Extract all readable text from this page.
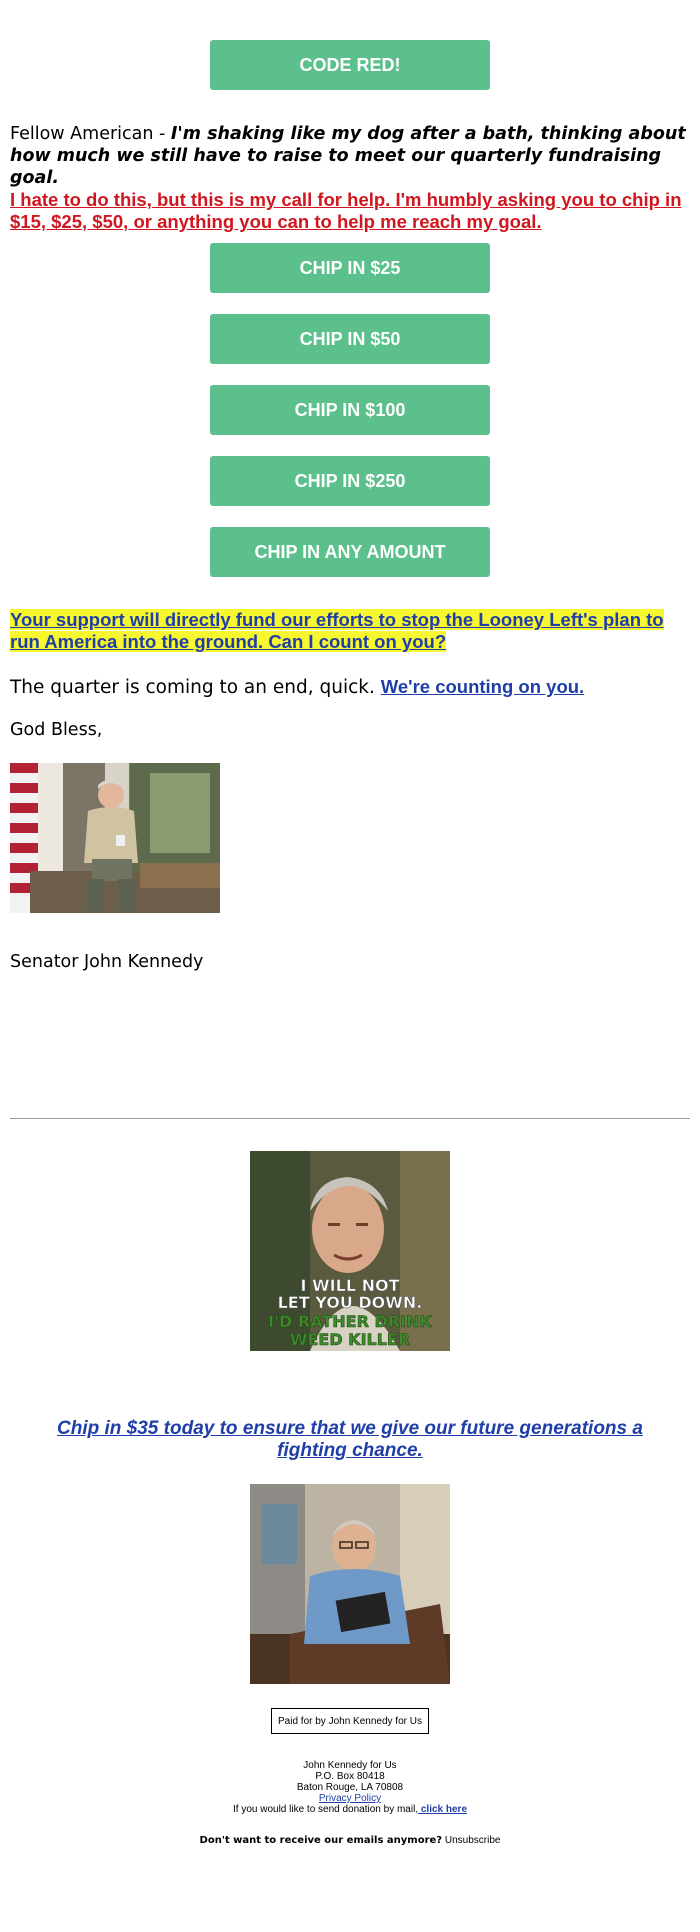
CODE RED!

Fellow American - I'm shaking like my dog after a bath, thinking about how much we still have to raise to meet our quarterly fundraising goal.

I hate to do this, but this is my call for help. I'm humbly asking you to chip in $15, $25, $50, or anything you can to help me reach my goal.
CHIP IN $25
CHIP IN $50
CHIP IN $100
CHIP IN $250
CHIP IN ANY AMOUNT

Your support will directly fund our efforts to stop the Looney Left's plan to run America into the ground. Can I count on you?

The quarter is coming to an end, quick. We're counting on you.

God Bless,

Senator John Kennedy

I WILL NOT
LET YOU DOWN.
I'D RATHER DRINK
WEED KILLER
Chip in $35 today to ensure that we give our future generations a fighting chance.
Paid for by John Kennedy for Us
John Kennedy for Us
P.O. Box 80418
Baton Rouge, LA 70808
Privacy Policy
If you would like to send donation by mail, click here
Don't want to receive our emails anymore? Unsubscribe
